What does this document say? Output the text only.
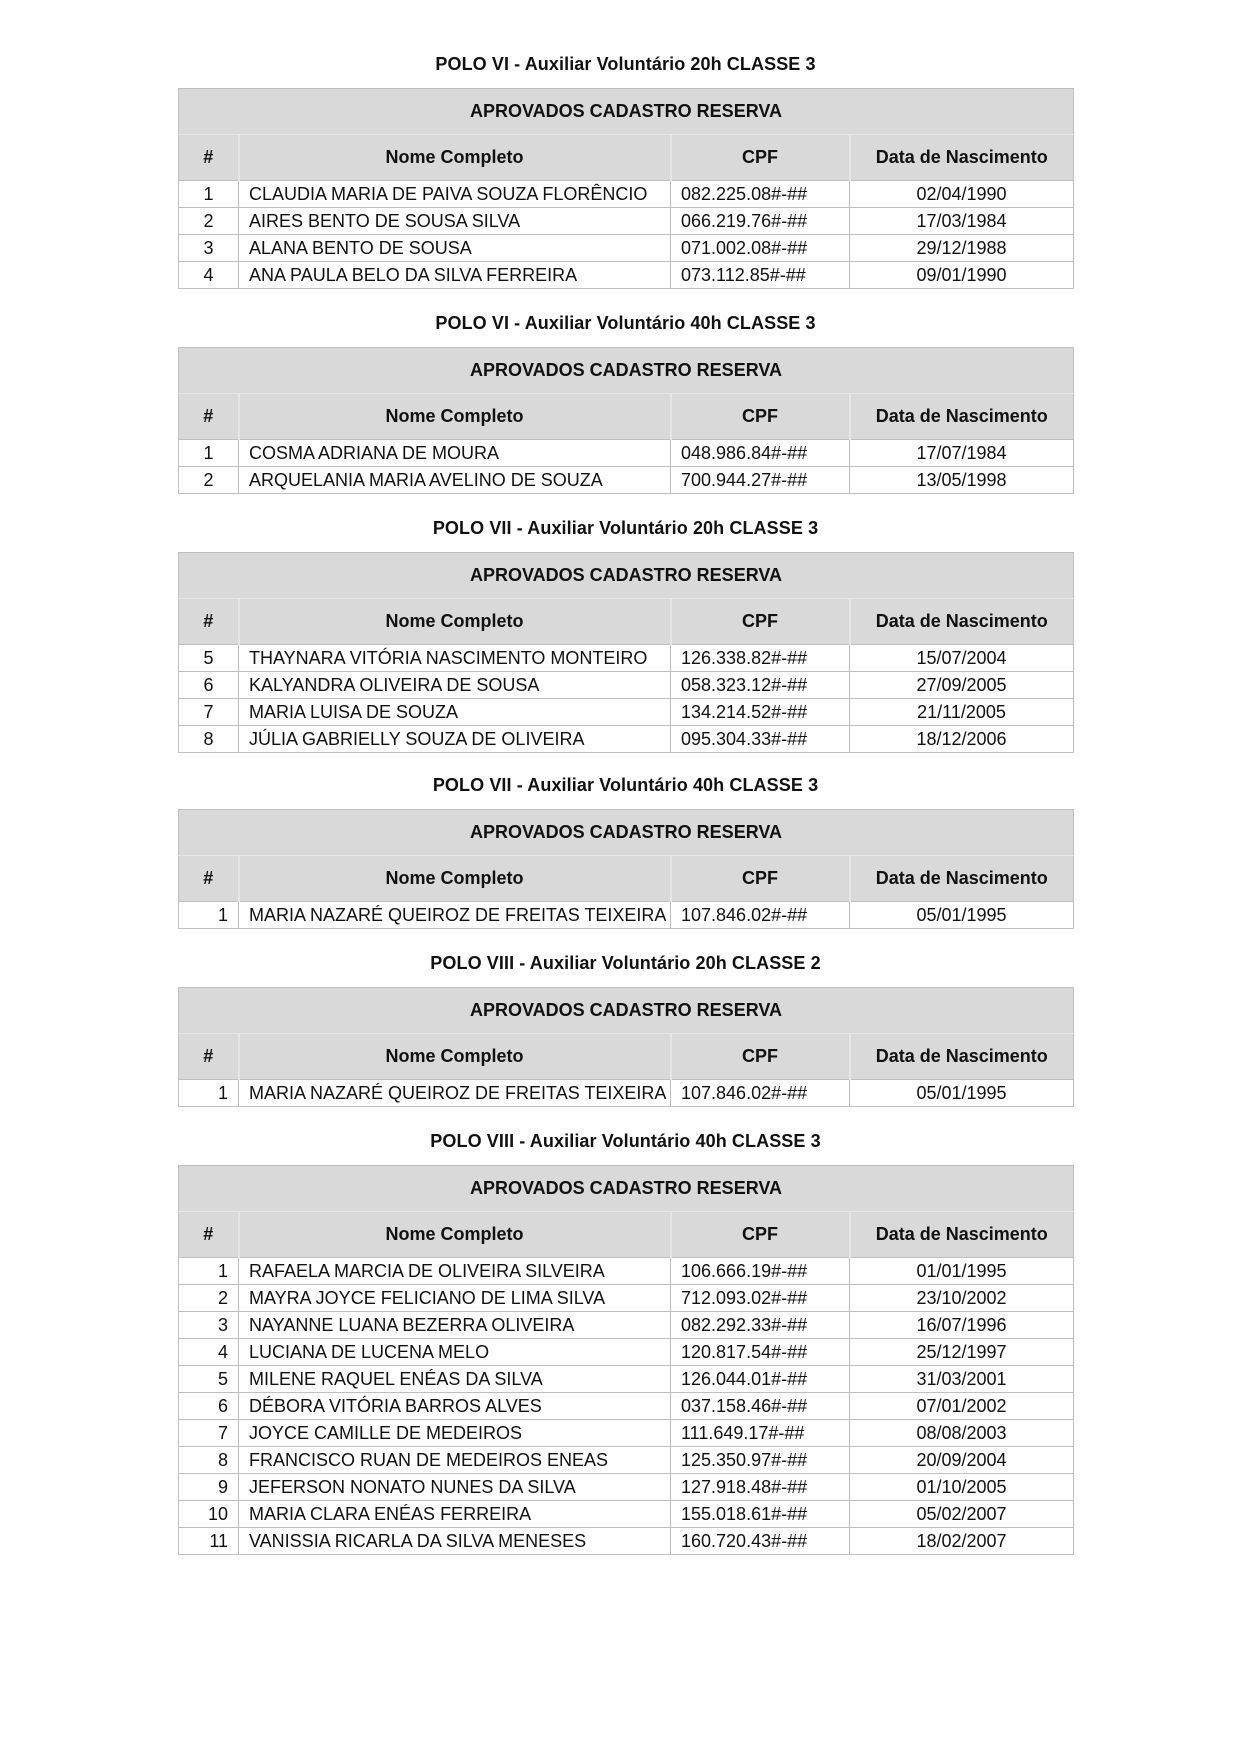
POLO VI - Auxiliar Voluntário 20h CLASSE 3
APROVADOS CADASTRO RESERVA			
#	Nome Completo	CPF	Data de Nascimento
1	CLAUDIA MARIA DE PAIVA SOUZA FLORÊNCIO	082.225.08#-##	02/04/1990
2	AIRES BENTO DE SOUSA SILVA	066.219.76#-##	17/03/1984
3	ALANA BENTO DE SOUSA	071.002.08#-##	29/12/1988
4	ANA PAULA BELO DA SILVA FERREIRA	073.112.85#-##	09/01/1990
POLO VI - Auxiliar Voluntário 40h CLASSE 3
APROVADOS CADASTRO RESERVA			
#	Nome Completo	CPF	Data de Nascimento
1	COSMA ADRIANA DE MOURA	048.986.84#-##	17/07/1984
2	ARQUELANIA MARIA AVELINO DE SOUZA	700.944.27#-##	13/05/1998
POLO VII - Auxiliar Voluntário 20h CLASSE 3
APROVADOS CADASTRO RESERVA			
#	Nome Completo	CPF	Data de Nascimento
5	THAYNARA VITÓRIA NASCIMENTO MONTEIRO	126.338.82#-##	15/07/2004
6	KALYANDRA OLIVEIRA DE SOUSA	058.323.12#-##	27/09/2005
7	MARIA LUISA DE SOUZA	134.214.52#-##	21/11/2005
8	JÚLIA GABRIELLY SOUZA DE OLIVEIRA	095.304.33#-##	18/12/2006
POLO VII - Auxiliar Voluntário 40h CLASSE 3
APROVADOS CADASTRO RESERVA			
#	Nome Completo	CPF	Data de Nascimento
1	MARIA NAZARÉ QUEIROZ DE FREITAS TEIXEIRA	107.846.02#-##	05/01/1995
POLO VIII - Auxiliar Voluntário 20h CLASSE 2
APROVADOS CADASTRO RESERVA			
#	Nome Completo	CPF	Data de Nascimento
1	MARIA NAZARÉ QUEIROZ DE FREITAS TEIXEIRA	107.846.02#-##	05/01/1995
POLO VIII - Auxiliar Voluntário 40h CLASSE 3
APROVADOS CADASTRO RESERVA			
#	Nome Completo	CPF	Data de Nascimento
1	RAFAELA MARCIA DE OLIVEIRA SILVEIRA	106.666.19#-##	01/01/1995
2	MAYRA JOYCE FELICIANO DE LIMA SILVA	712.093.02#-##	23/10/2002
3	NAYANNE LUANA BEZERRA OLIVEIRA	082.292.33#-##	16/07/1996
4	LUCIANA DE LUCENA MELO	120.817.54#-##	25/12/1997
5	MILENE RAQUEL ENÉAS DA SILVA	126.044.01#-##	31/03/2001
6	DÉBORA VITÓRIA BARROS ALVES	037.158.46#-##	07/01/2002
7	JOYCE CAMILLE DE MEDEIROS	111.649.17#-##	08/08/2003
8	FRANCISCO RUAN DE MEDEIROS ENEAS	125.350.97#-##	20/09/2004
9	JEFERSON NONATO NUNES DA SILVA	127.918.48#-##	01/10/2005
10	MARIA CLARA ENÉAS FERREIRA	155.018.61#-##	05/02/2007
11	VANISSIA RICARLA DA SILVA MENESES	160.720.43#-##	18/02/2007
